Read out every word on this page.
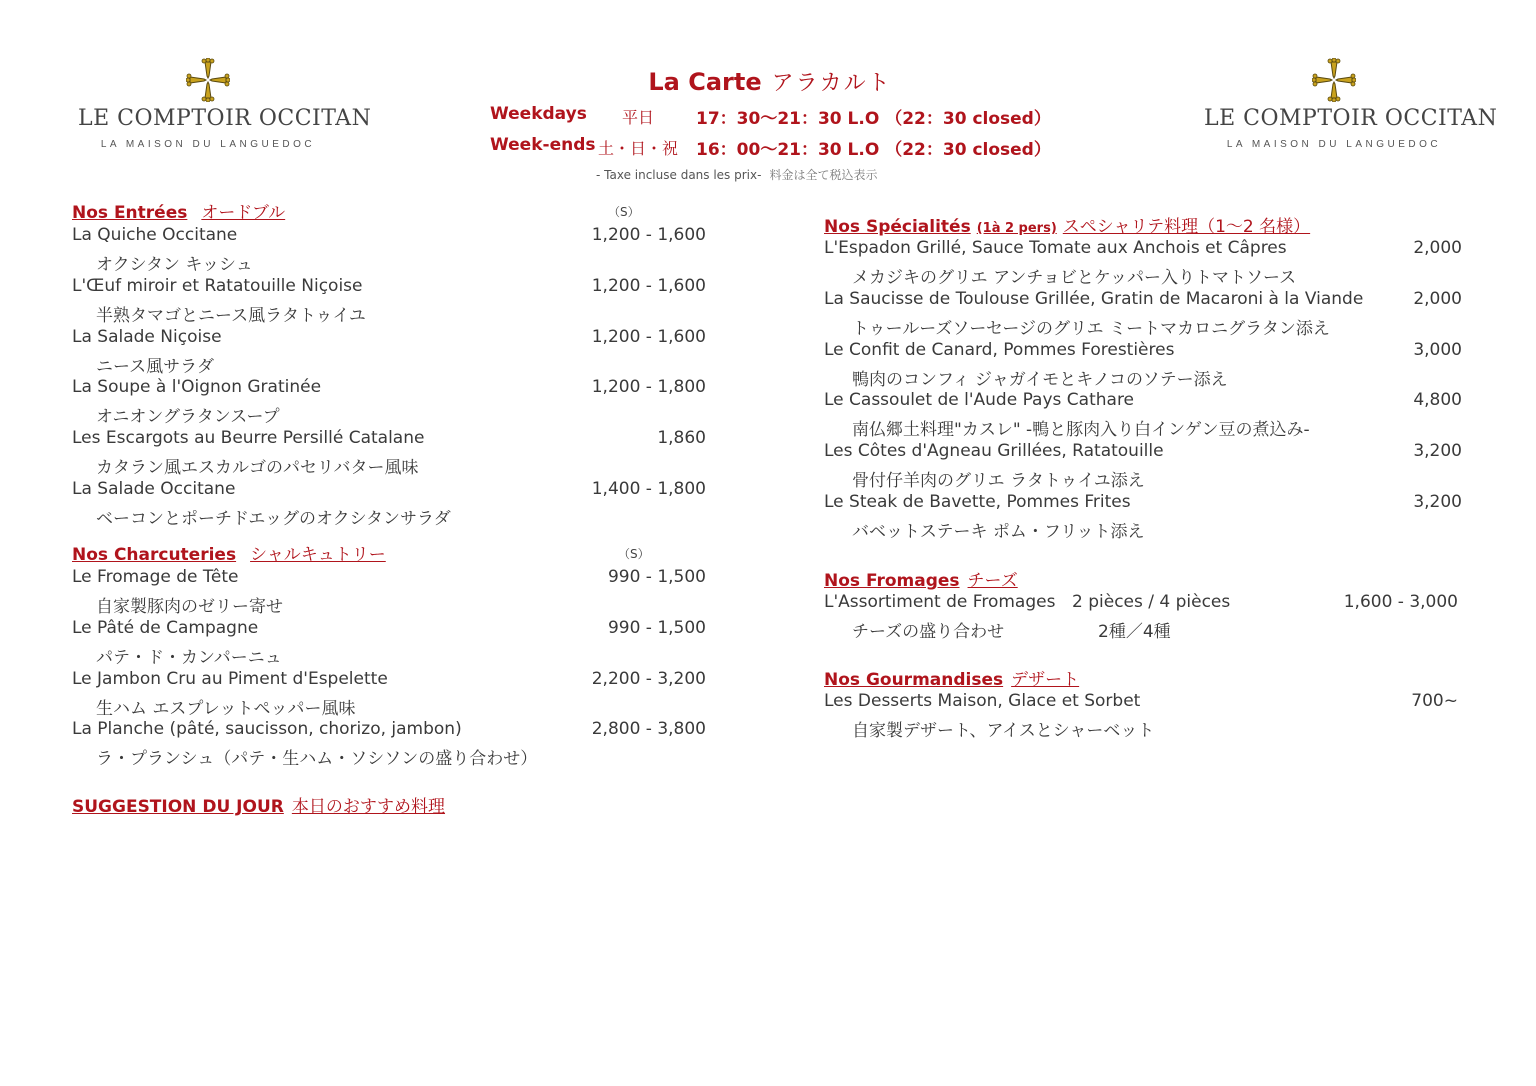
LE COMPTOIR OCCITAN
LA MAISON DU LANGUEDOC
LE COMPTOIR OCCITAN
LA MAISON DU LANGUEDOC
La Carte アラカルト
Weekdays 平日 17：30～21：30 L.O （22：30 closed）
Week-ends 土・日・祝 16：00～21：30 L.O （22：30 closed）
- Taxe incluse dans les prix- 料金は全て税込表示
Nos Entrées オードブル	（S）
La Quiche Occitane	1,200 - 1,600
オクシタン キッシュ
L'Œuf miroir et Ratatouille Niçoise	1,200 - 1,600
半熟タマゴとニース風ラタトゥイユ
La Salade Niçoise	1,200 - 1,600
ニース風サラダ
La Soupe à l'Oignon Gratinée	1,200 - 1,800
オニオングラタンスープ
Les Escargots au Beurre Persillé Catalane	1,860
カタラン風エスカルゴのパセリバター風味
La Salade Occitane	1,400 - 1,800
ベーコンとポーチドエッグのオクシタンサラダ
Nos Charcuteries シャルキュトリー	（S）
Le Fromage de Tête	990 - 1,500
自家製豚肉のゼリー寄せ
Le Pâté de Campagne	990 - 1,500
パテ・ド・カンパーニュ
Le Jambon Cru au Piment d'Espelette	2,200 - 3,200
生ハム エスプレットペッパー風味
La Planche (pâté, saucisson, chorizo, jambon)	2,800 - 3,800
ラ・プランシュ（パテ・生ハム・ソシソンの盛り合わせ）
SUGGESTION DU JOUR 本日のおすすめ料理
Nos Spécialités (1à 2 pers) スペシャリテ料理（1～2 名様）
L'Espadon Grillé, Sauce Tomate aux Anchois et Câpres	2,000
メカジキのグリエ アンチョビとケッパー入りトマトソース
La Saucisse de Toulouse Grillée, Gratin de Macaroni à la Viande	2,000
トゥールーズソーセージのグリエ ミートマカロニグラタン添え
Le Confit de Canard, Pommes Forestières	3,000
鴨肉のコンフィ ジャガイモとキノコのソテー添え
Le Cassoulet de l'Aude Pays Cathare	4,800
南仏郷土料理"カスレ" -鴨と豚肉入り白インゲン豆の煮込み-
Les Côtes d'Agneau Grillées, Ratatouille	3,200
骨付仔羊肉のグリエ ラタトゥイユ添え
Le Steak de Bavette, Pommes Frites	3,200
バベットステーキ ポム・フリット添え
Nos Fromages チーズ
L'Assortiment de Fromages 2 pièces / 4 pièces	1,600 - 3,000
チーズの盛り合わせ	2種／4種
Nos Gourmandises デザート
Les Desserts Maison, Glace et Sorbet	700~
自家製デザート、アイスとシャーベット
